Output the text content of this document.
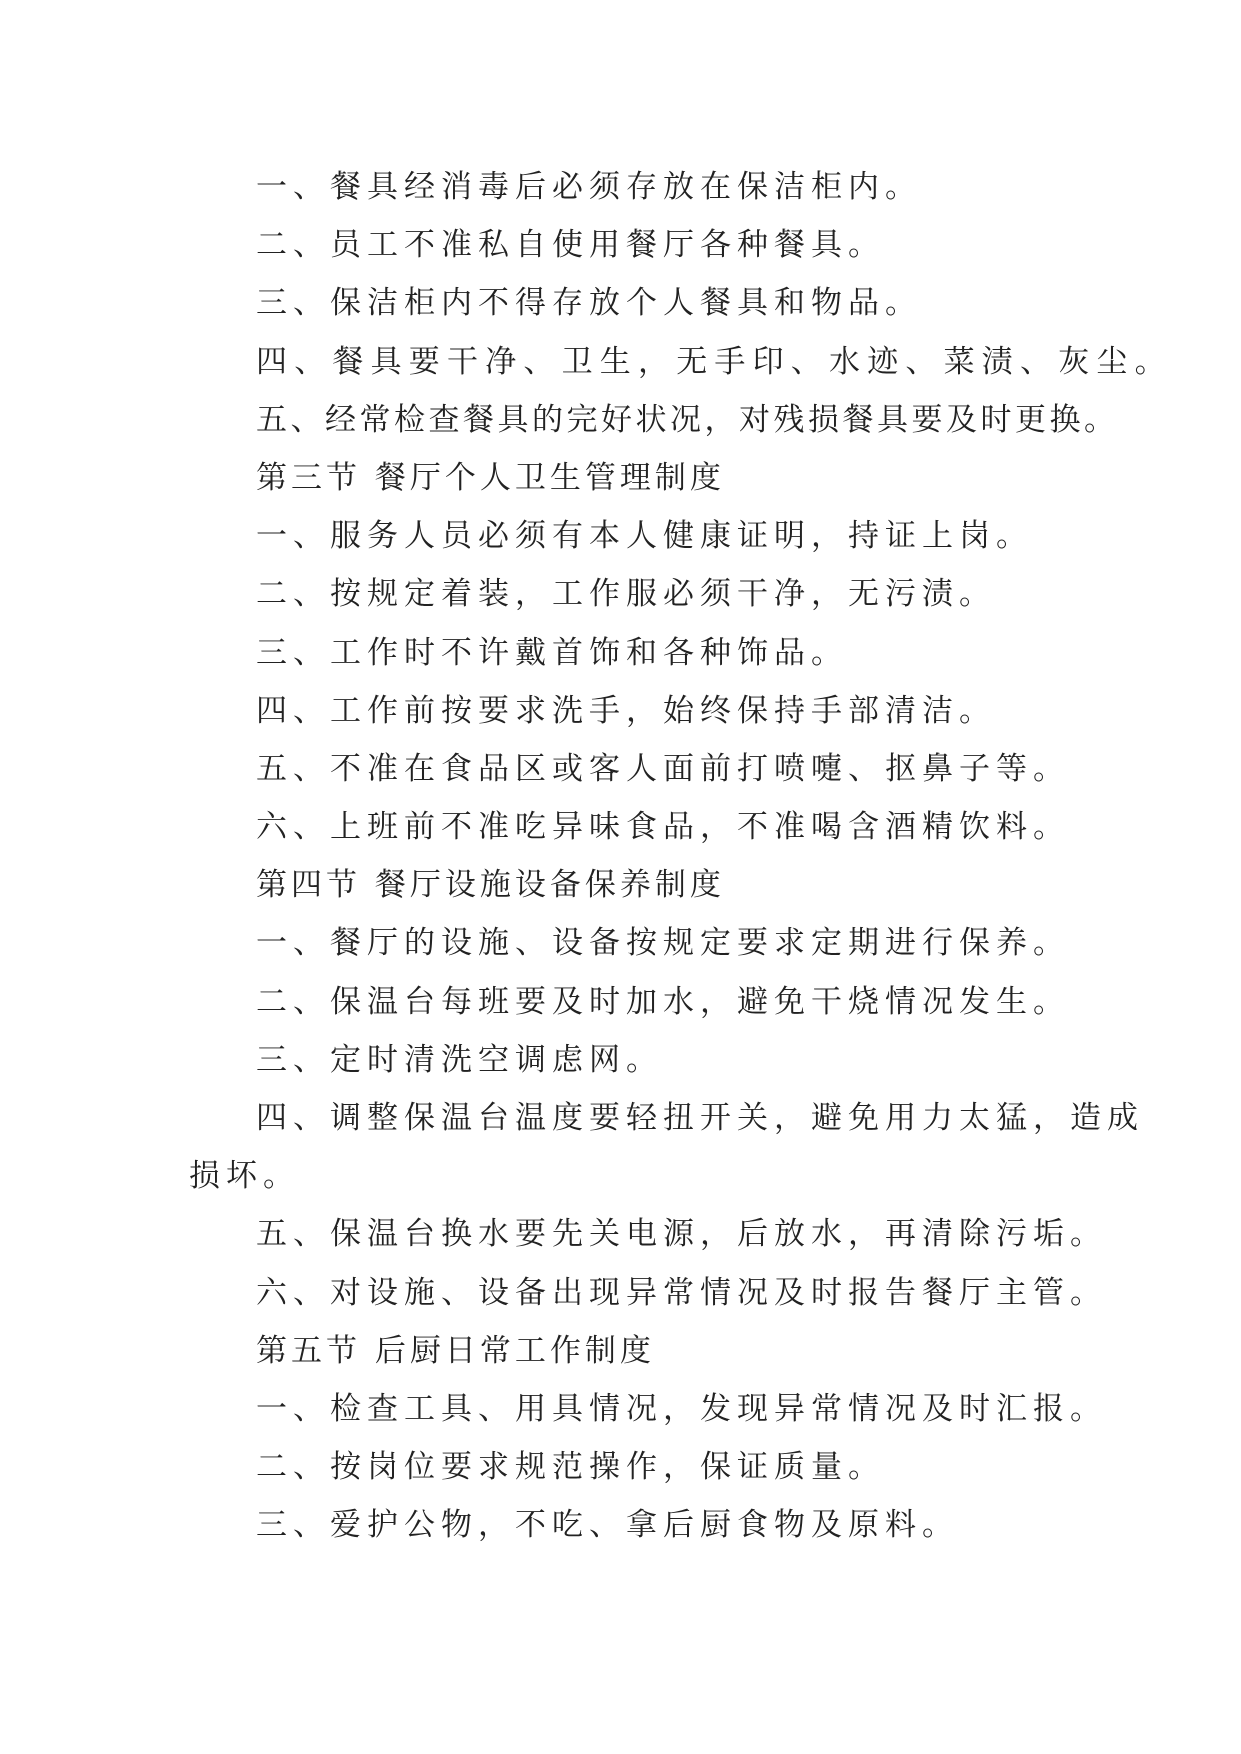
一、餐具经消毒后必须存放在保洁柜内。

二、员工不准私自使用餐厅各种餐具。

三、保洁柜内不得存放个人餐具和物品。

四、餐具要干净、卫生，无手印、水迹、菜渍、灰尘。

五、经常检查餐具的完好状况，对残损餐具要及时更换。

第三节 餐厅个人卫生管理制度

一、服务人员必须有本人健康证明，持证上岗。

二、按规定着装，工作服必须干净，无污渍。

三、工作时不许戴首饰和各种饰品。

四、工作前按要求洗手，始终保持手部清洁。

五、不准在食品区或客人面前打喷嚏、抠鼻子等。

六、上班前不准吃异味食品，不准喝含酒精饮料。

第四节 餐厅设施设备保养制度

一、餐厅的设施、设备按规定要求定期进行保养。

二、保温台每班要及时加水，避免干烧情况发生。

三、定时清洗空调虑网。

四、调整保温台温度要轻扭开关，避免用力太猛，造成

损坏。

五、保温台换水要先关电源，后放水，再清除污垢。

六、对设施、设备出现异常情况及时报告餐厅主管。

第五节 后厨日常工作制度

一、检查工具、用具情况，发现异常情况及时汇报。

二、按岗位要求规范操作，保证质量。

三、爱护公物，不吃、拿后厨食物及原料。
